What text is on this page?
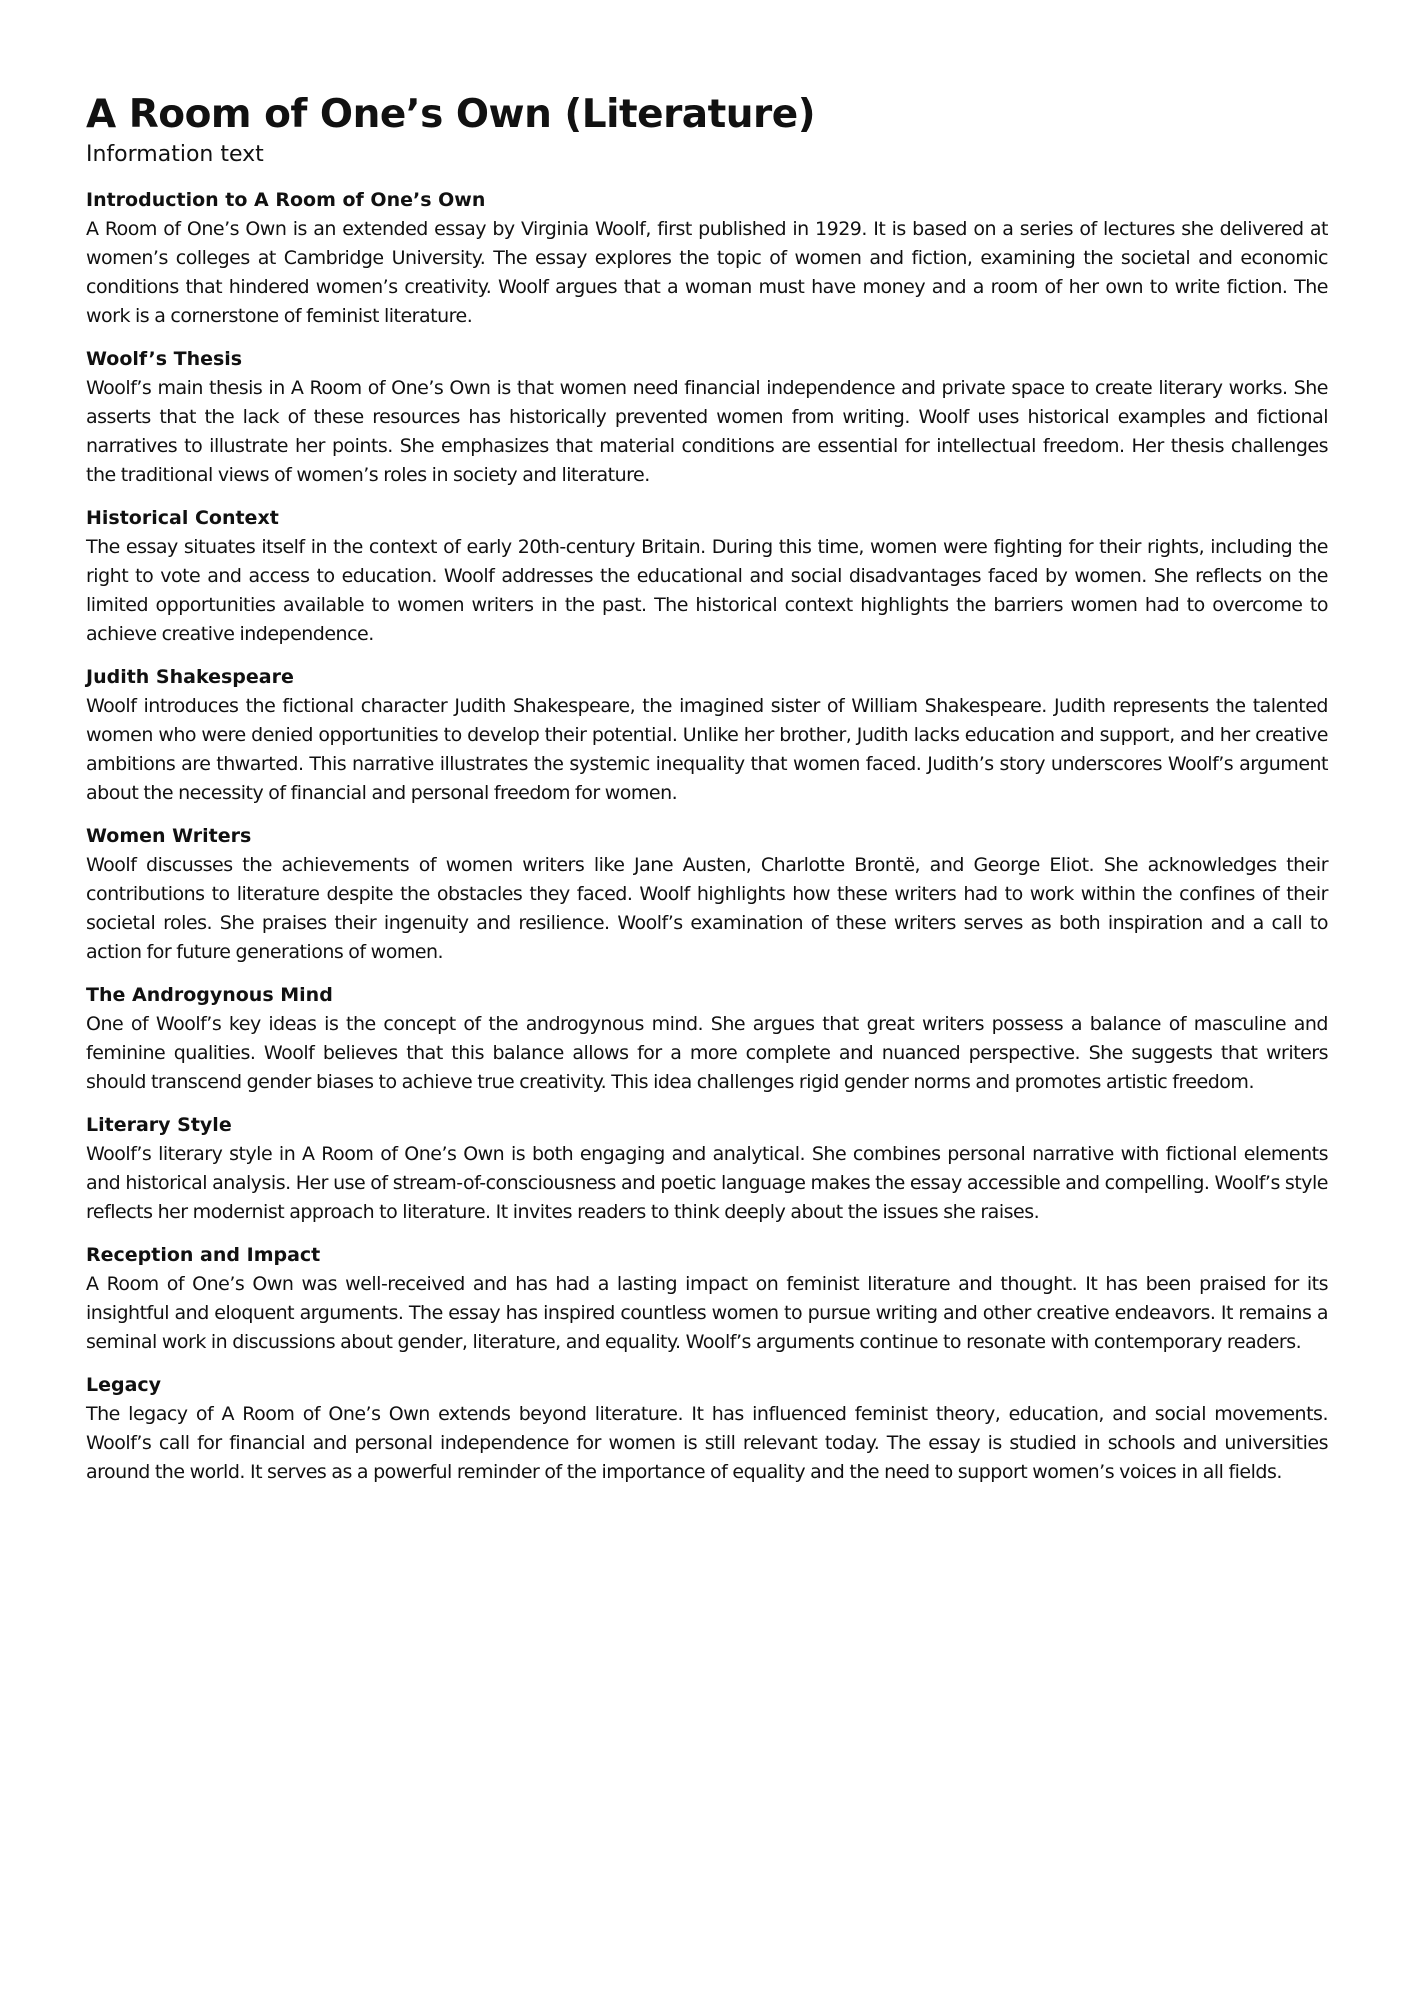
A Room of One’s Own (Literature)

Information text

Introduction to A Room of One’s Own

A Room of One’s Own is an extended essay by Virginia Woolf, first published in 1929. It is based on a series of lectures she delivered at women’s colleges at Cambridge University. The essay explores the topic of women and fiction, examining the societal and economic conditions that hindered women’s creativity. Woolf argues that a woman must have money and a room of her own to write fiction. The work is a cornerstone of feminist literature.

Woolf’s Thesis

Woolf’s main thesis in A Room of One’s Own is that women need financial independence and private space to create literary works. She asserts that the lack of these resources has historically prevented women from writing. Woolf uses historical examples and fictional narratives to illustrate her points. She emphasizes that material conditions are essential for intellectual freedom. Her thesis challenges the traditional views of women’s roles in society and literature.

Historical Context

The essay situates itself in the context of early 20th-century Britain. During this time, women were fighting for their rights, including the right to vote and access to education. Woolf addresses the educational and social disadvantages faced by women. She reflects on the limited opportunities available to women writers in the past. The historical context highlights the barriers women had to overcome to achieve creative independence.

Judith Shakespeare

Woolf introduces the fictional character Judith Shakespeare, the imagined sister of William Shakespeare. Judith represents the talented women who were denied opportunities to develop their potential. Unlike her brother, Judith lacks education and support, and her creative ambitions are thwarted. This narrative illustrates the systemic inequality that women faced. Judith’s story underscores Woolf’s argument about the necessity of financial and personal freedom for women.

Women Writers

Woolf discusses the achievements of women writers like Jane Austen, Charlotte Brontë, and George Eliot. She acknowledges their contributions to literature despite the obstacles they faced. Woolf highlights how these writers had to work within the confines of their societal roles. She praises their ingenuity and resilience. Woolf’s examination of these writers serves as both inspiration and a call to action for future generations of women.

The Androgynous Mind

One of Woolf’s key ideas is the concept of the androgynous mind. She argues that great writers possess a balance of masculine and feminine qualities. Woolf believes that this balance allows for a more complete and nuanced perspective. She suggests that writers should transcend gender biases to achieve true creativity. This idea challenges rigid gender norms and promotes artistic freedom.

Literary Style

Woolf’s literary style in A Room of One’s Own is both engaging and analytical. She combines personal narrative with fictional elements and historical analysis. Her use of stream-of-consciousness and poetic language makes the essay accessible and compelling. Woolf’s style reflects her modernist approach to literature. It invites readers to think deeply about the issues she raises.

Reception and Impact

A Room of One’s Own was well-received and has had a lasting impact on feminist literature and thought. It has been praised for its insightful and eloquent arguments. The essay has inspired countless women to pursue writing and other creative endeavors. It remains a seminal work in discussions about gender, literature, and equality. Woolf’s arguments continue to resonate with contemporary readers.

Legacy

The legacy of A Room of One’s Own extends beyond literature. It has influenced feminist theory, education, and social movements. Woolf’s call for financial and personal independence for women is still relevant today. The essay is studied in schools and universities around the world. It serves as a powerful reminder of the importance of equality and the need to support women’s voices in all fields.
